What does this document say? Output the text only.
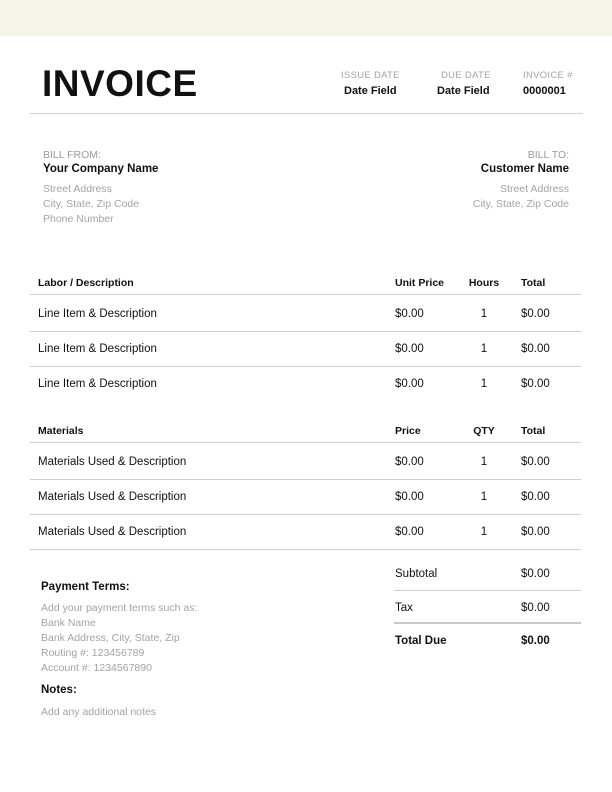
INVOICE	ISSUE DATE
Date Field
DUE DATE
Date Field
INVOICE #
0000001
BILL FROM:
Your Company Name
Street Address
City, State, Zip Code
Phone Number
BILL TO:
Customer Name
Street Address
City, State, Zip Code
Labor / Description	Unit Price	Hours	Total
Line Item & Description	$0.00	1	$0.00
Line Item & Description	$0.00	1	$0.00
Line Item & Description	$0.00	1	$0.00
Materials	Price	QTY	Total
Materials Used & Description	$0.00	1	$0.00
Materials Used & Description	$0.00	1	$0.00
Materials Used & Description	$0.00	1	$0.00
Payment Terms:
Add your payment terms such as:
Bank Name
Bank Address, City, State, Zip
Routing #: 123456789
Account #: 1234567890
Notes:
Add any additional notes
Subtotal	$0.00
Tax	$0.00
Total Due	$0.00
